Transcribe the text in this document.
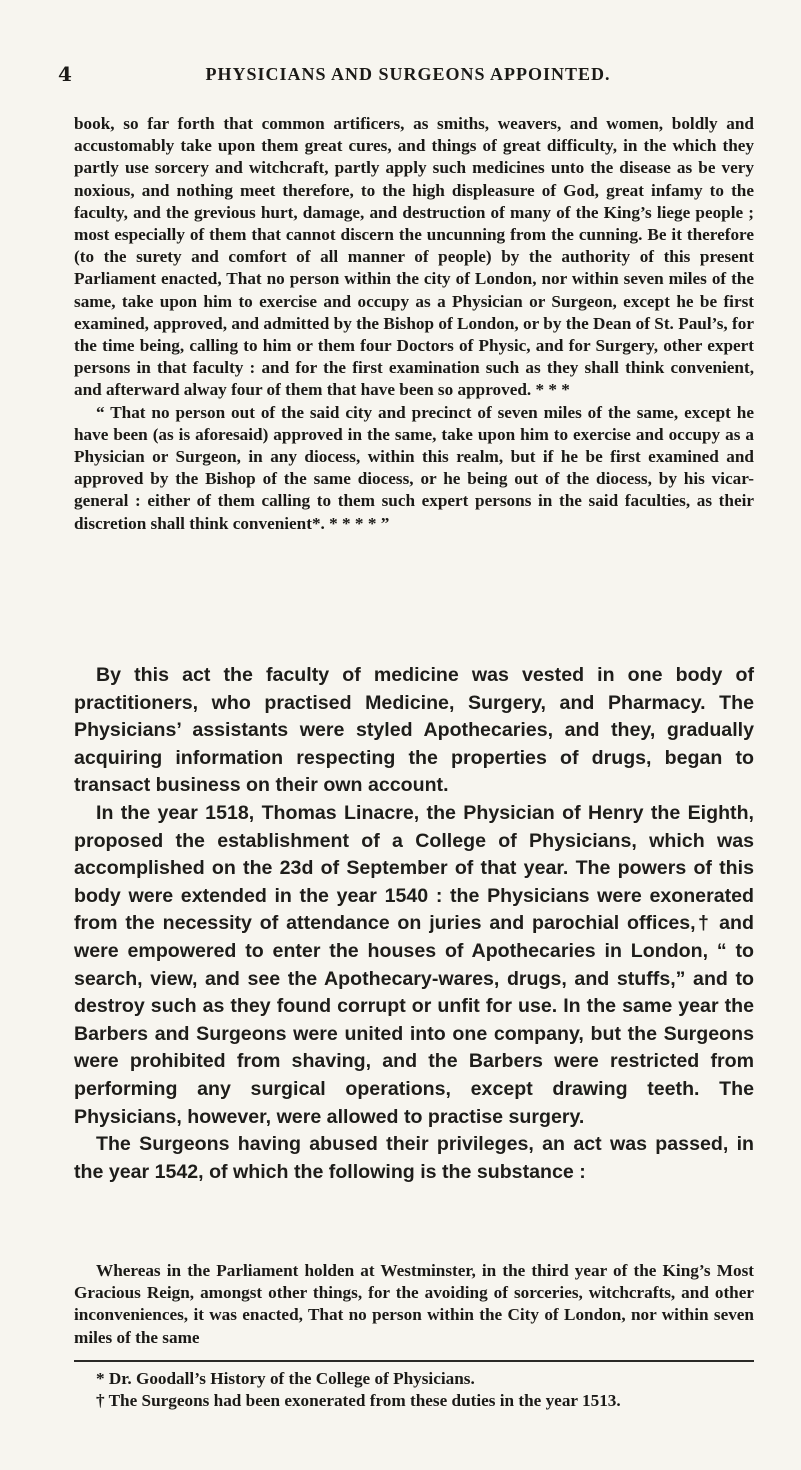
4	PHYSICIANS AND SURGEONS APPOINTED.

book, so far forth that common artificers, as smiths, weavers, and women, boldly and accustomably take upon them great cures, and things of great difficulty, in the which they partly use sorcery and witchcraft, partly apply such medicines unto the disease as be very noxious, and nothing meet therefore, to the high displeasure of God, great infamy to the faculty, and the grevious hurt, damage, and destruction of many of the King’s liege people ; most especially of them that cannot discern the uncunning from the cunning. Be it therefore (to the surety and comfort of all manner of people) by the authority of this present Parliament enacted, That no person within the city of London, nor within seven miles of the same, take upon him to exercise and occupy as a Physician or Surgeon, except he be first examined, approved, and admitted by the Bishop of London, or by the Dean of St. Paul’s, for the time being, calling to him or them four Doctors of Physic, and for Surgery, other expert persons in that faculty : and for the first examination such as they shall think convenient, and afterward alway four of them that have been so approved. * * *

“ That no person out of the said city and precinct of seven miles of the same, except he have been (as is aforesaid) approved in the same, take upon him to exercise and occupy as a Physician or Surgeon, in any diocess, within this realm, but if he be first examined and approved by the Bishop of the same diocess, or he being out of the diocess, by his vicar-general : either of them calling to them such expert persons in the said faculties, as their discretion shall think convenient*. * * * * ”

By this act the faculty of medicine was vested in one body of practitioners, who practised Medicine, Surgery, and Pharmacy. The Physicians’ assistants were styled Apothecaries, and they, gradually acquiring information respecting the properties of drugs, began to transact business on their own account.

In the year 1518, Thomas Linacre, the Physician of Henry the Eighth, proposed the establishment of a College of Physicians, which was accomplished on the 23d of September of that year. The powers of this body were extended in the year 1540 : the Physicians were exonerated from the necessity of attendance on juries and parochial offices,† and were empowered to enter the houses of Apothecaries in London, “ to search, view, and see the Apothecary-wares, drugs, and stuffs,” and to destroy such as they found corrupt or unfit for use. In the same year the Barbers and Surgeons were united into one company, but the Surgeons were prohibited from shaving, and the Barbers were restricted from performing any surgical operations, except drawing teeth. The Physicians, however, were allowed to practise surgery.

The Surgeons having abused their privileges, an act was passed, in the year 1542, of which the following is the substance :

Whereas in the Parliament holden at Westminster, in the third year of the King’s Most Gracious Reign, amongst other things, for the avoiding of sorceries, witchcrafts, and other inconveniences, it was enacted, That no person within the City of London, nor within seven miles of the same

* Dr. Goodall’s History of the College of Physicians.

† The Surgeons had been exonerated from these duties in the year 1513.
